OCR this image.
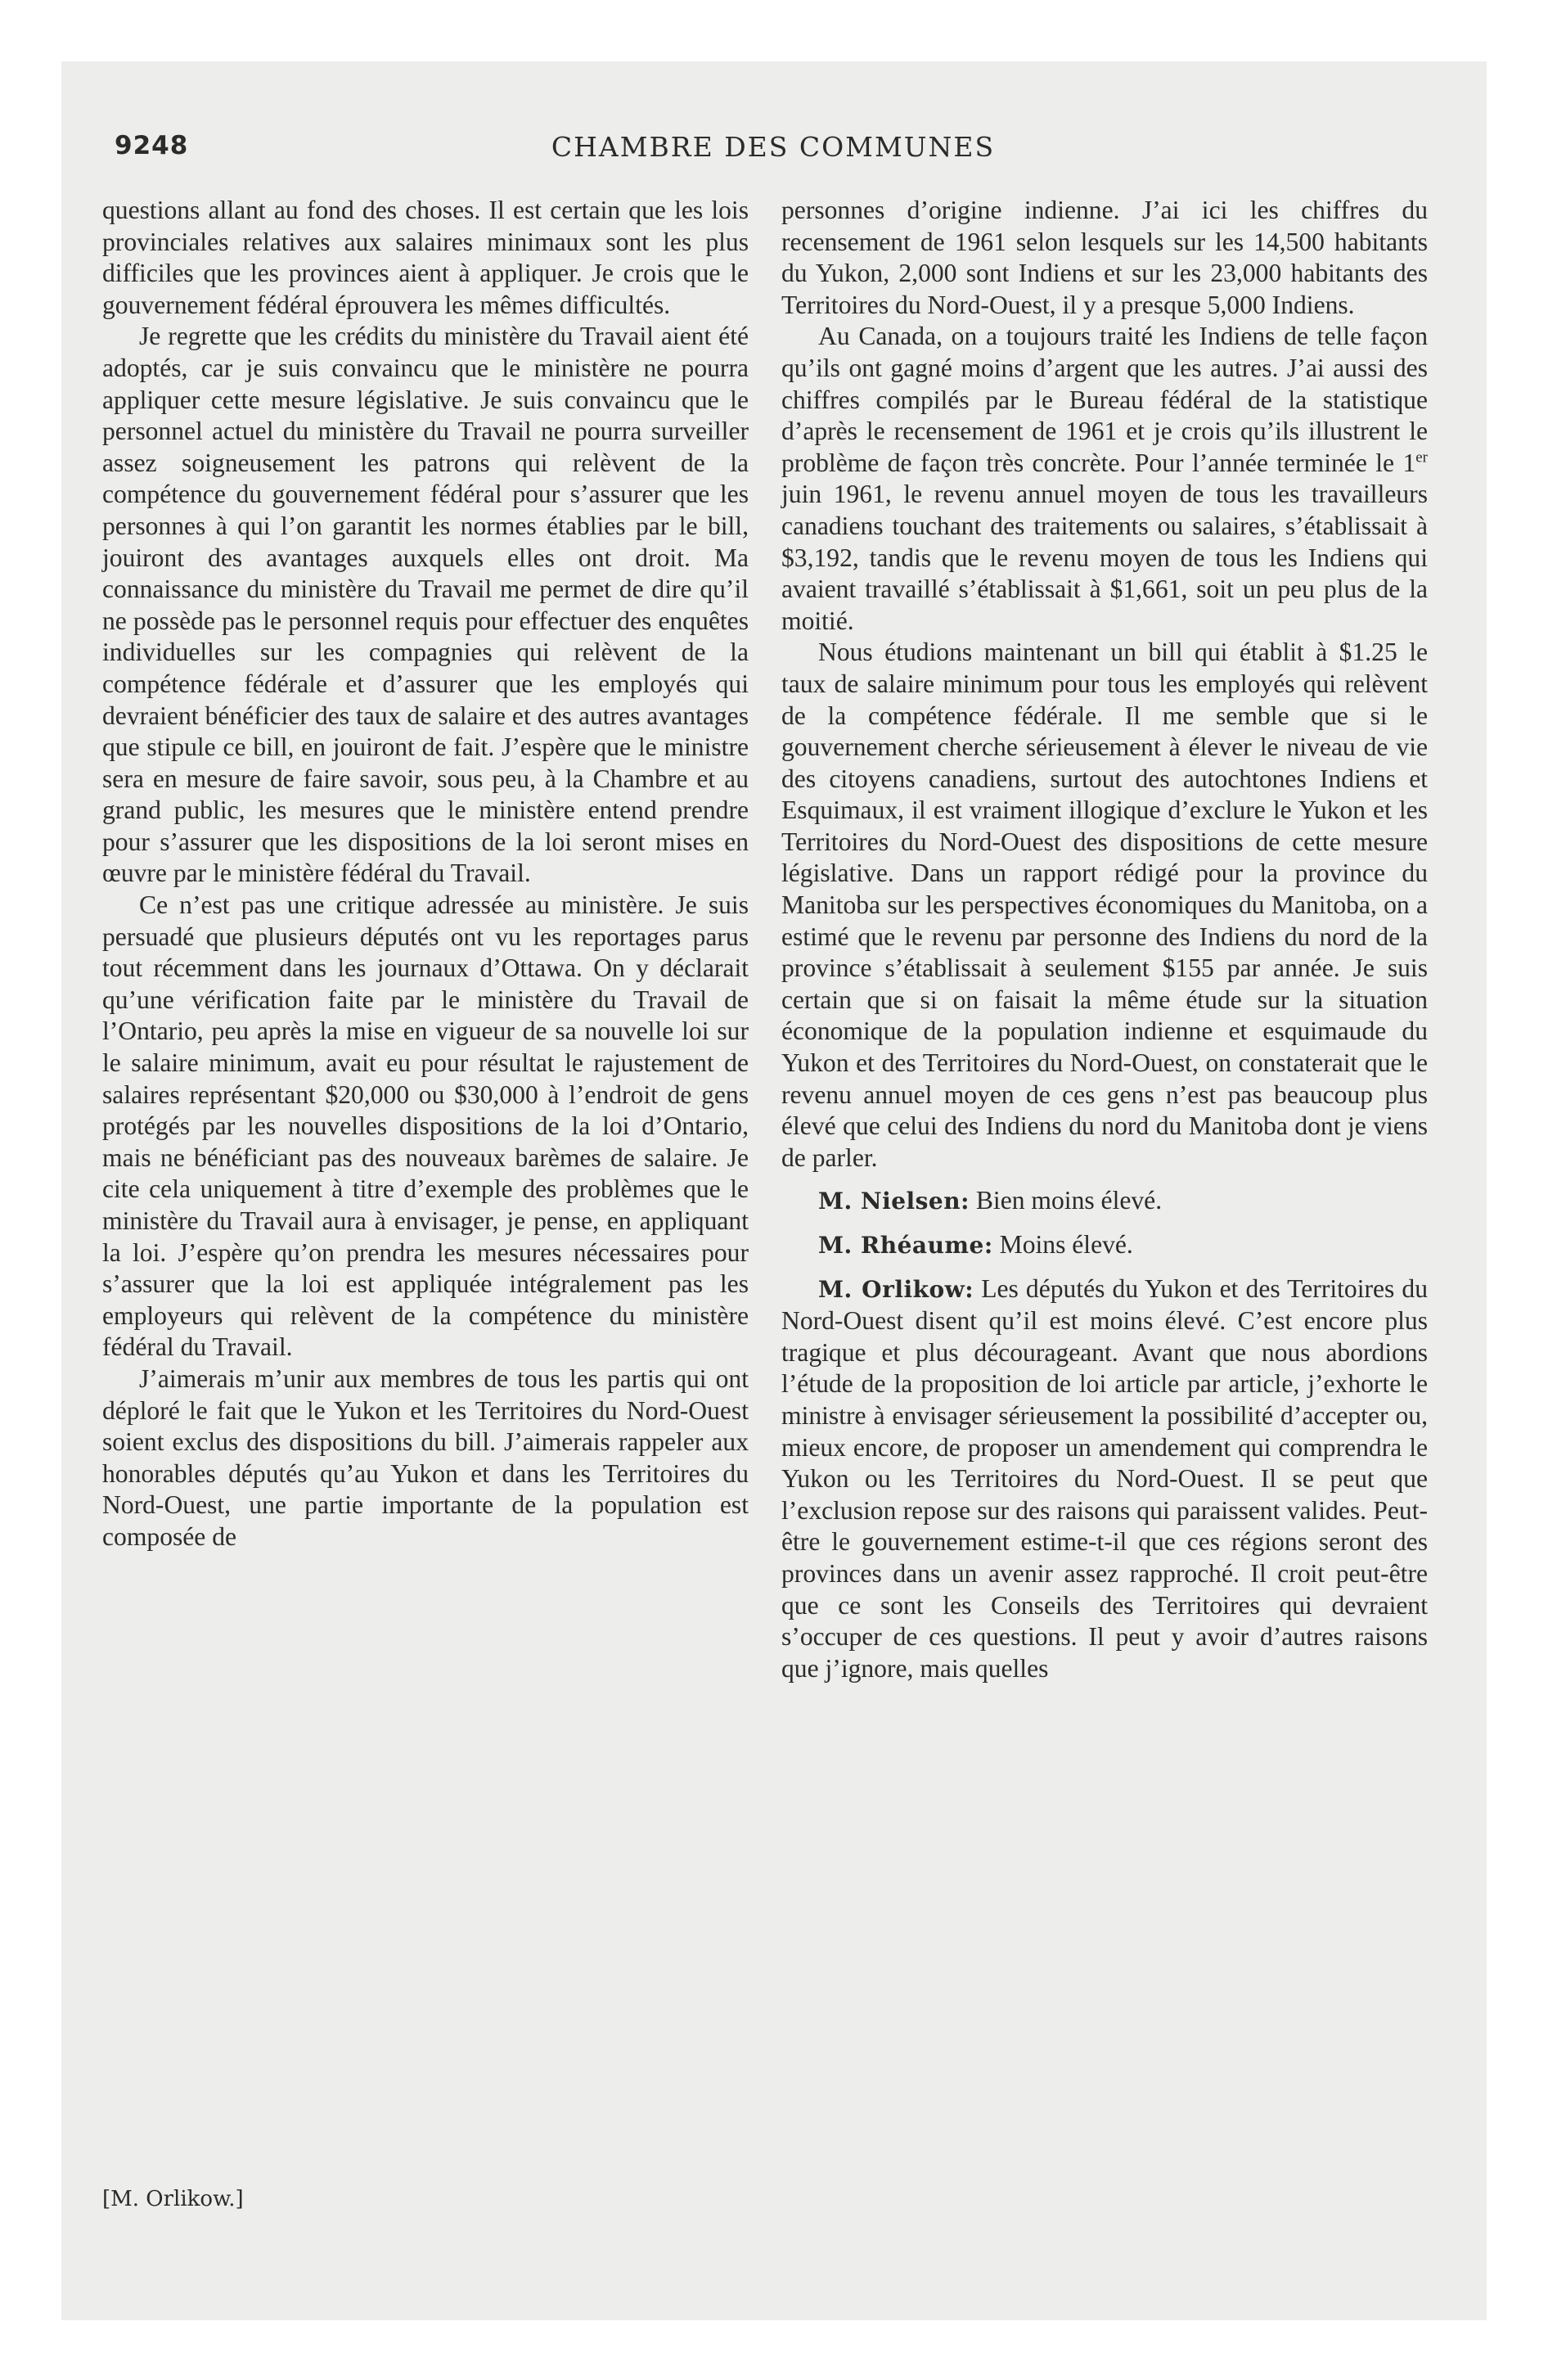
9248	CHAMBRE DES COMMUNES

questions allant au fond des choses. Il est certain que les lois provinciales relatives aux salaires minimaux sont les plus difficiles que les provinces aient à appliquer. Je crois que le gouvernement fédéral éprouvera les mêmes difficultés.

Je regrette que les crédits du ministère du Travail aient été adoptés, car je suis convaincu que le ministère ne pourra appliquer cette mesure législative. Je suis convaincu que le personnel actuel du ministère du Travail ne pourra surveiller assez soigneusement les patrons qui relèvent de la compétence du gouvernement fédéral pour s’assurer que les personnes à qui l’on garantit les normes établies par le bill, jouiront des avantages auxquels elles ont droit. Ma connaissance du ministère du Travail me permet de dire qu’il ne possède pas le personnel requis pour effectuer des enquêtes individuelles sur les compagnies qui relèvent de la compétence fédérale et d’assurer que les employés qui devraient bénéficier des taux de salaire et des autres avantages que stipule ce bill, en jouiront de fait. J’espère que le ministre sera en mesure de faire savoir, sous peu, à la Chambre et au grand public, les mesures que le ministère entend prendre pour s’assurer que les dispositions de la loi seront mises en œuvre par le ministère fédéral du Travail.

Ce n’est pas une critique adressée au ministère. Je suis persuadé que plusieurs députés ont vu les reportages parus tout récemment dans les journaux d’Ottawa. On y déclarait qu’une vérification faite par le ministère du Travail de l’Ontario, peu après la mise en vigueur de sa nouvelle loi sur le salaire minimum, avait eu pour résultat le rajustement de salaires représentant $20,000 ou $30,000 à l’endroit de gens protégés par les nouvelles dispositions de la loi d’Ontario, mais ne bénéficiant pas des nouveaux barèmes de salaire. Je cite cela uniquement à titre d’exemple des problèmes que le ministère du Travail aura à envisager, je pense, en appliquant la loi. J’espère qu’on prendra les mesures nécessaires pour s’assurer que la loi est appliquée intégralement pas les employeurs qui relèvent de la compétence du ministère fédéral du Travail.

J’aimerais m’unir aux membres de tous les partis qui ont déploré le fait que le Yukon et les Territoires du Nord-Ouest soient exclus des dispositions du bill. J’aimerais rappeler aux honorables députés qu’au Yukon et dans les Territoires du Nord-Ouest, une partie importante de la population est composée de

[M. Orlikow.]

personnes d’origine indienne. J’ai ici les chiffres du recensement de 1961 selon lesquels sur les 14,500 habitants du Yukon, 2,000 sont Indiens et sur les 23,000 habitants des Territoires du Nord-Ouest, il y a presque 5,000 Indiens.

Au Canada, on a toujours traité les Indiens de telle façon qu’ils ont gagné moins d’argent que les autres. J’ai aussi des chiffres compilés par le Bureau fédéral de la statistique d’après le recensement de 1961 et je crois qu’ils illustrent le problème de façon très concrète. Pour l’année terminée le 1er juin 1961, le revenu annuel moyen de tous les travailleurs canadiens touchant des traitements ou salaires, s’établissait à $3,192, tandis que le revenu moyen de tous les Indiens qui avaient travaillé s’établissait à $1,661, soit un peu plus de la moitié.

Nous étudions maintenant un bill qui établit à $1.25 le taux de salaire minimum pour tous les employés qui relèvent de la compétence fédérale. Il me semble que si le gouvernement cherche sérieusement à élever le niveau de vie des citoyens canadiens, surtout des autochtones Indiens et Esquimaux, il est vraiment illogique d’exclure le Yukon et les Territoires du Nord-Ouest des dispositions de cette mesure législative. Dans un rapport rédigé pour la province du Manitoba sur les perspectives économiques du Manitoba, on a estimé que le revenu par personne des Indiens du nord de la province s’établissait à seulement $155 par année. Je suis certain que si on faisait la même étude sur la situation économique de la population indienne et esquimaude du Yukon et des Territoires du Nord-Ouest, on constaterait que le revenu annuel moyen de ces gens n’est pas beaucoup plus élevé que celui des Indiens du nord du Manitoba dont je viens de parler.

M. Nielsen: Bien moins élevé.

M. Rhéaume: Moins élevé.

M. Orlikow: Les députés du Yukon et des Territoires du Nord-Ouest disent qu’il est moins élevé. C’est encore plus tragique et plus décourageant. Avant que nous abordions l’étude de la proposition de loi article par article, j’exhorte le ministre à envisager sérieusement la possibilité d’accepter ou, mieux encore, de proposer un amendement qui comprendra le Yukon ou les Territoires du Nord-Ouest. Il se peut que l’exclusion repose sur des raisons qui paraissent valides. Peut-être le gouvernement estime-t-il que ces régions seront des provinces dans un avenir assez rapproché. Il croit peut-être que ce sont les Conseils des Territoires qui devraient s’occuper de ces questions. Il peut y avoir d’autres raisons que j’ignore, mais quelles
